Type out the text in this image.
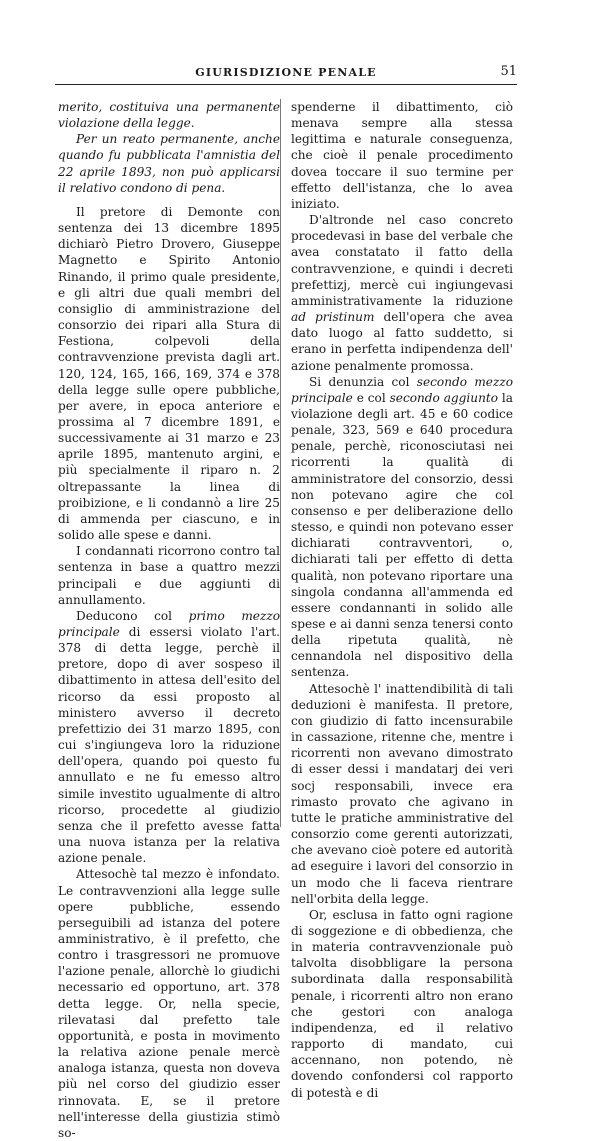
GIURISDIZIONE PENALE	51

merito, costituiva una permanente violazione della legge.

Per un reato permanente, anche quando fu pubblicata l'amnistia del 22 aprile 1893, non può applicarsi il relativo condono di pena.

Il pretore di Demonte con sentenza dei 13 dicembre 1895 dichiarò Pietro Drovero, Giuseppe Magnetto e Spirito Antonio Rinando, il primo quale presidente, e gli altri due quali membri del consiglio di amministrazione del consorzio dei ripari alla Stura di Festiona, colpevoli della contravvenzione prevista dagli art. 120, 124, 165, 166, 169, 374 e 378 della legge sulle opere pubbliche, per avere, in epoca anteriore e prossima al 7 dicembre 1891, e successivamente ai 31 marzo e 23 aprile 1895, mantenuto argini, e più specialmente il riparo n. 2 oltrepassante la linea di proibizione, e li condannò a lire 25 di ammenda per ciascuno, e in solido alle spese e danni.

I condannati ricorrono contro tal sentenza in base a quattro mezzi principali e due aggiunti di annullamento.

Deducono col primo mezzo principale di essersi violato l'art. 378 di detta legge, perchè il pretore, dopo di aver sospeso il dibattimento in attesa dell'esito del ricorso da essi proposto al ministero avverso il decreto prefettizio dei 31 marzo 1895, con cui s'ingiungeva loro la riduzione dell'opera, quando poi questo fu annullato e ne fu emesso altro simile investito ugualmente di altro ricorso, procedette al giudizio senza che il prefetto avesse fatta una nuova istanza per la relativa azione penale.

Attesochè tal mezzo è infondato. Le contravvenzioni alla legge sulle opere pubbliche, essendo perseguibili ad istanza del potere amministrativo, è il prefetto, che contro i trasgressori ne promuove l'azione penale, allorchè lo giudichi necessario ed opportuno, art. 378 detta legge. Or, nella specie, rilevatasi dal prefetto tale opportunità, e posta in movimento la relativa azione penale mercè analoga istanza, questa non doveva più nel corso del giudizio esser rinnovata. E, se il pretore nell'interesse della giustizia stimò so-

spenderne il dibattimento, ciò menava sempre alla stessa legittima e naturale conseguenza, che cioè il penale procedimento dovea toccare il suo termine per effetto dell'istanza, che lo avea iniziato.

D'altronde nel caso concreto procedevasi in base del verbale che avea constatato il fatto della contravvenzione, e quindi i decreti prefettizj, mercè cui ingiungevasi amministrativamente la riduzione ad pristinum dell'opera che avea dato luogo al fatto suddetto, si erano in perfetta indipendenza dell' azione penalmente promossa.

Si denunzia col secondo mezzo principale e col secondo aggiunto la violazione degli art. 45 e 60 codice penale, 323, 569 e 640 procedura penale, perchè, riconosciutasi nei ricorrenti la qualità di amministratore del consorzio, dessi non potevano agire che col consenso e per deliberazione dello stesso, e quindi non potevano esser dichiarati contravventori, o, dichiarati tali per effetto di detta qualità, non potevano riportare una singola condanna all'ammenda ed essere condannanti in solido alle spese e ai danni senza tenersi conto della ripetuta qualità, nè cennandola nel dispositivo della sentenza.

Attesochè l' inattendibilità di tali deduzioni è manifesta. Il pretore, con giudizio di fatto incensurabile in cassazione, ritenne che, mentre i ricorrenti non avevano dimostrato di esser dessi i mandatarj dei veri socj responsabili, invece era rimasto provato che agivano in tutte le pratiche amministrative del consorzio come gerenti autorizzati, che avevano cioè potere ed autorità ad eseguire i lavori del consorzio in un modo che li faceva rientrare nell'orbita della legge.

Or, esclusa in fatto ogni ragione di soggezione e di obbedienza, che in materia contravvenzionale può talvolta disobbligare la persona subordinata dalla responsabilità penale, i ricorrenti altro non erano che gestori con analoga indipendenza, ed il relativo rapporto di mandato, cui accennano, non potendo, nè dovendo confondersi col rapporto di potestà e di
